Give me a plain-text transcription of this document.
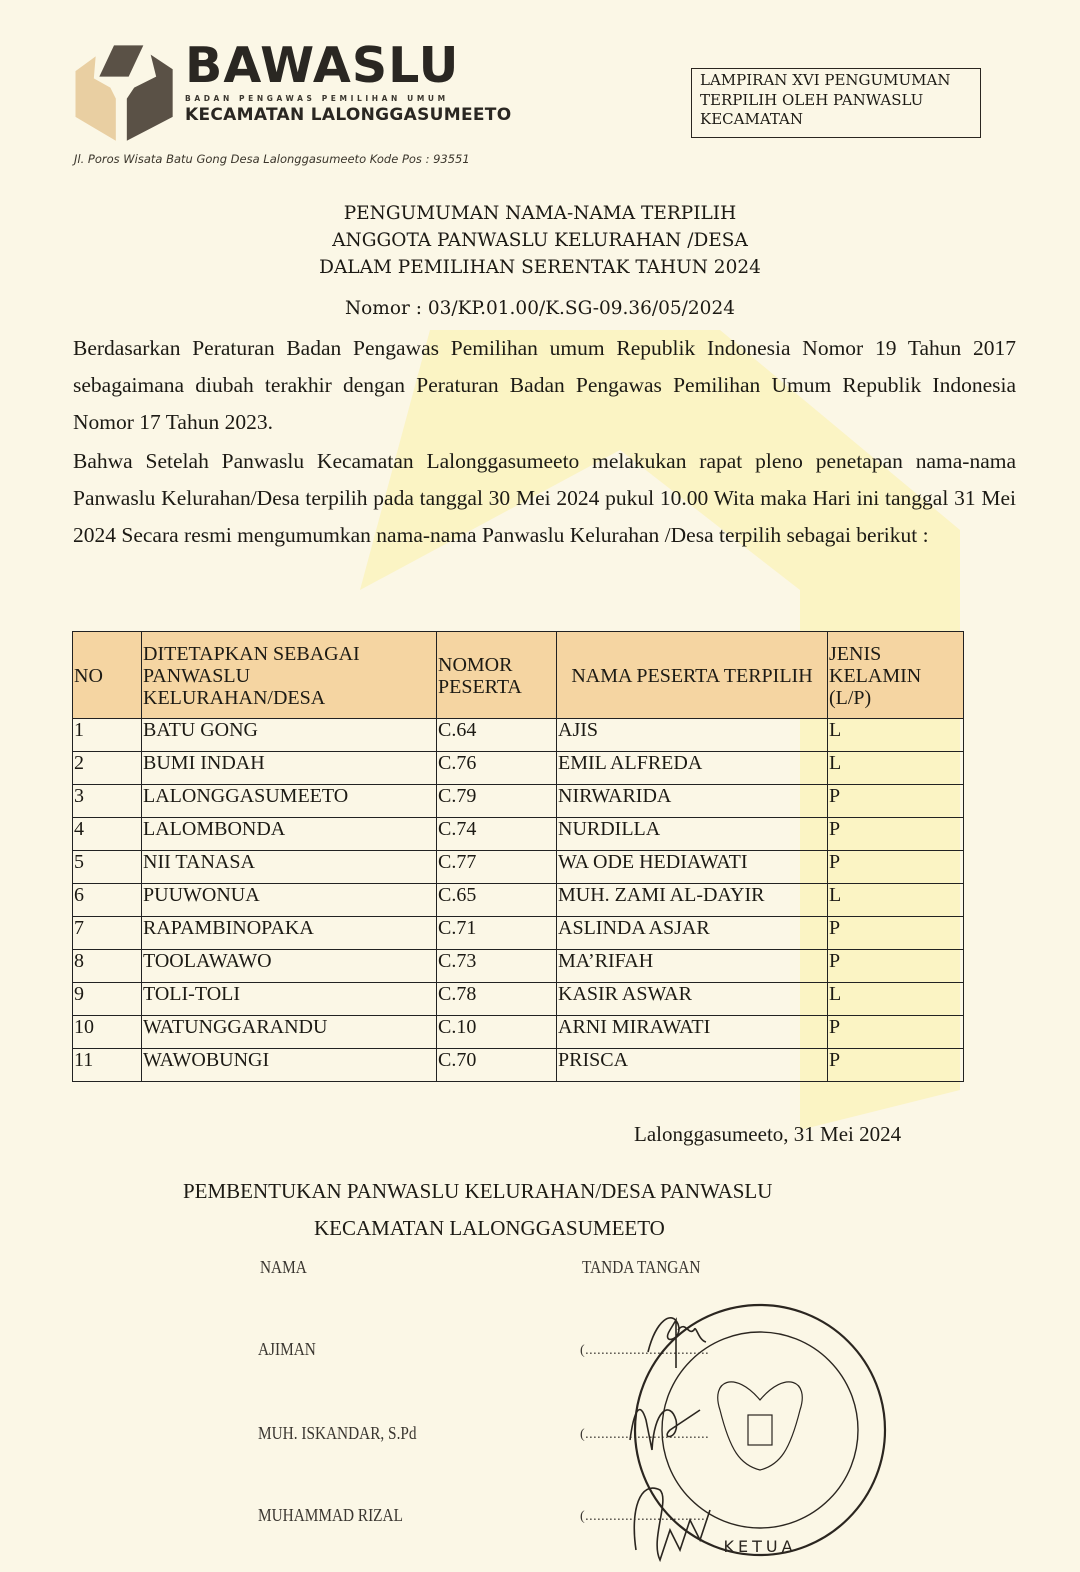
BAWASLU
BADAN PENGAWAS PEMILIHAN UMUM
KECAMATAN LALONGGASUMEETO
Jl. Poros Wisata Batu Gong Desa Lalonggasumeeto Kode Pos : 93551
LAMPIRAN XVI PENGUMUMAN
TERPILIH OLEH PANWASLU
KECAMATAN
PENGUMUMAN NAMA-NAMA TERPILIH
ANGGOTA PANWASLU KELURAHAN /DESA
DALAM PEMILIHAN SERENTAK TAHUN 2024
Nomor : 03/KP.01.00/K.SG-09.36/05/2024
Berdasarkan Peraturan Badan Pengawas Pemilihan umum Republik Indonesia Nomor 19 Tahun 2017 sebagaimana diubah terakhir dengan Peraturan Badan Pengawas Pemilihan Umum Republik Indonesia Nomor 17 Tahun 2023.
Bahwa Setelah Panwaslu Kecamatan Lalonggasumeeto melakukan rapat pleno penetapan nama-nama Panwaslu Kelurahan/Desa terpilih pada tanggal 30 Mei 2024 pukul 10.00 Wita maka Hari ini tanggal 31 Mei 2024 Secara resmi mengumumkan nama-nama Panwaslu Kelurahan /Desa terpilih sebagai berikut :
NO	DITETAPKAN SEBAGAI PANWASLU KELURAHAN/DESA	NOMOR PESERTA	NAMA PESERTA TERPILIH	JENIS KELAMIN (L/P)
1	BATU GONG	C.64	AJIS	L
2	BUMI INDAH	C.76	EMIL ALFREDA	L
3	LALONGGASUMEETO	C.79	NIRWARIDA	P
4	LALOMBONDA	C.74	NURDILLA	P
5	NII TANASA	C.77	WA ODE HEDIAWATI	P
6	PUUWONUA	C.65	MUH. ZAMI AL-DAYIR	L
7	RAPAMBINOPAKA	C.71	ASLINDA ASJAR	P
8	TOOLAWAWO	C.73	MA’RIFAH	P
9	TOLI-TOLI	C.78	KASIR ASWAR	L
10	WATUNGGARANDU	C.10	ARNI MIRAWATI	P
11	WAWOBUNGI	C.70	PRISCA	P
Lalonggasumeeto, 31 Mei 2024
PEMBENTUKAN PANWASLU KELURAHAN/DESA PANWASLU
KECAMATAN LALONGGASUMEETO
NAMA	TANDA TANGAN
AJIMAN	(...............................
MUH. ISKANDAR, S.Pd	(...............................
MUHAMMAD RIZAL	(...............................
KETUA
